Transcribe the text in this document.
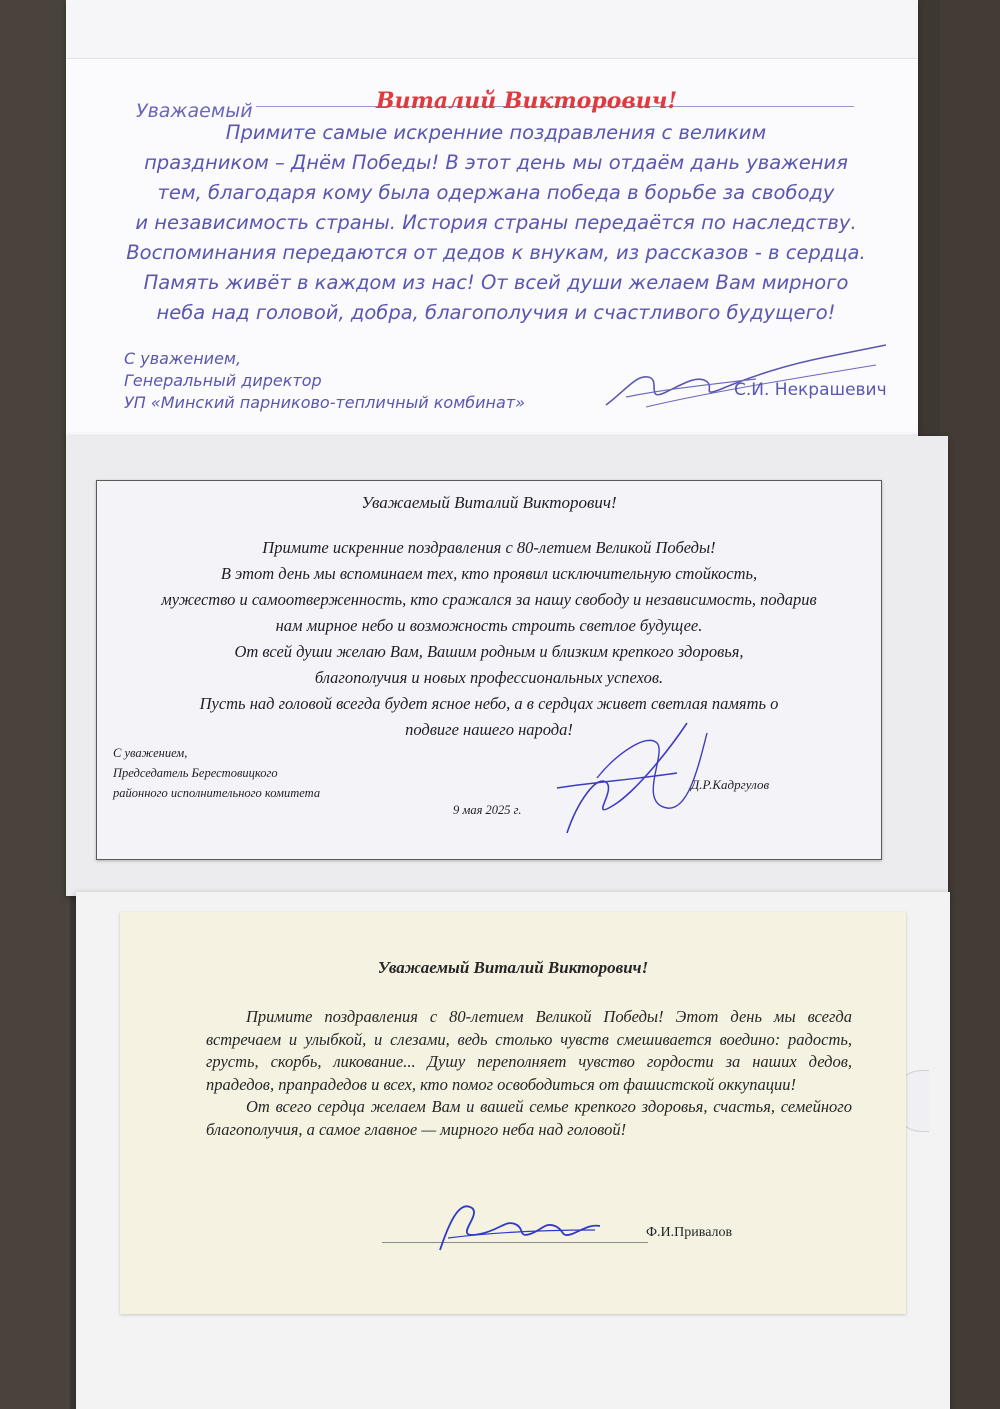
Уважаемый	Виталий Викторович!
Примите самые искренние поздравления с великим
праздником – Днём Победы! В этот день мы отдаём дань уважения
тем, благодаря кому была одержана победа в борьбе за свободу
и независимость страны. История страны передаётся по наследству.
Воспоминания передаются от дедов к внукам, из рассказов - в сердца.
Память живёт в каждом из нас! От всей души желаем Вам мирного
неба над головой, добра, благополучия и счастливого будущего!
С уважением,
Генеральный директор
УП «Минский парниково-тепличный комбинат»
С.И. Некрашевич
Уважаемый Виталий Викторович!
Примите искренние поздравления с 80-летием Великой Победы!
В этот день мы вспоминаем тех, кто проявил исключительную стойкость,
мужество и самоотверженность, кто сражался за нашу свободу и независимость, подарив
нам мирное небо и возможность строить светлое будущее.
От всей души желаю Вам, Вашим родным и близким крепкого здоровья,
благополучия и новых профессиональных успехов.
Пусть над головой всегда будет ясное небо, а в сердцах живет светлая память о
подвиге нашего народа!
С уважением,
Председатель Берестовицкого
районного исполнительного комитета
9 мая 2025 г.
Д.Р.Кадргулов
Уважаемый Виталий Викторович!

Примите поздравления с 80-летием Великой Победы! Этот день мы всегда встречаем и улыбкой, и слезами, ведь столько чувств смешивается воедино: радость, грусть, скорбь, ликование... Душу переполняет чувство гордости за наших дедов, прадедов, прапрадедов и всех, кто помог освободиться от фашистской оккупации!

От всего сердца желаем Вам и вашей семье крепкого здоровья, счастья, семейного благополучия, а самое главное — мирного неба над головой!

Ф.И.Привалов
